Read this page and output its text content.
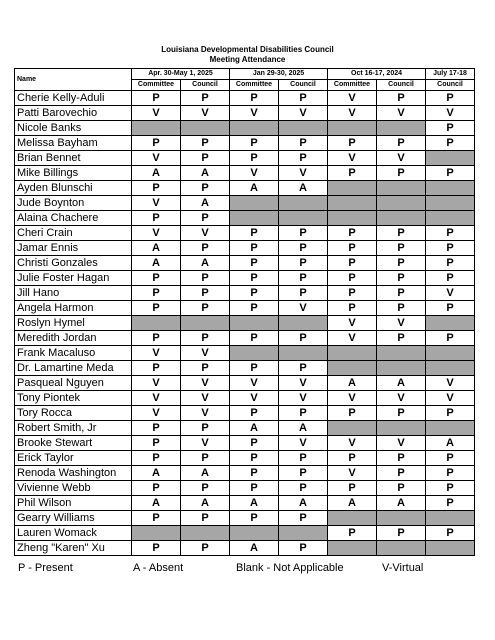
Louisiana Developmental Disabilities Council
Meeting Attendance
Name	Apr. 30-May 1, 2025		Jan 29-30, 2025		Oct 16-17, 2024		July 17-18
	Committee	Council	Committee	Council	Committee	Council	Council
Cherie Kelly-Aduli	P	P	P	P	V	P	P
Patti Barovechio	V	V	V	V	V	V	V
Nicole Banks							P
Melissa Bayham	P	P	P	P	P	P	P
Brian Bennet	V	P	P	P	V	V	
Mike Billings	A	A	V	V	P	P	P
Ayden Blunschi	P	P	A	A			
Jude Boynton	V	A					
Alaina Chachere	P	P					
Cheri Crain	V	V	P	P	P	P	P
Jamar Ennis	A	P	P	P	P	P	P
Christi Gonzales	A	A	P	P	P	P	P
Julie Foster Hagan	P	P	P	P	P	P	P
Jill Hano	P	P	P	P	P	P	V
Angela Harmon	P	P	P	V	P	P	P
Roslyn Hymel					V	V	
Meredith Jordan	P	P	P	P	V	P	P
Frank Macaluso	V	V					
Dr. Lamartine Meda	P	P	P	P			
Pasqueal Nguyen	V	V	V	V	A	A	V
Tony Piontek	V	V	V	V	V	V	V
Tory Rocca	V	V	P	P	P	P	P
Robert Smith, Jr	P	P	A	A			
Brooke Stewart	P	V	P	V	V	V	A
Erick Taylor	P	P	P	P	P	P	P
Renoda Washington	A	A	P	P	V	P	P
Vivienne Webb	P	P	P	P	P	P	P
Phil Wilson	A	A	A	A	A	A	P
Gearry Williams	P	P	P	P			
Lauren Womack					P	P	P
Zheng "Karen" Xu	P	P	A	P			
P - Present	A - Absent	Blank - Not Applicable	V-Virtual
